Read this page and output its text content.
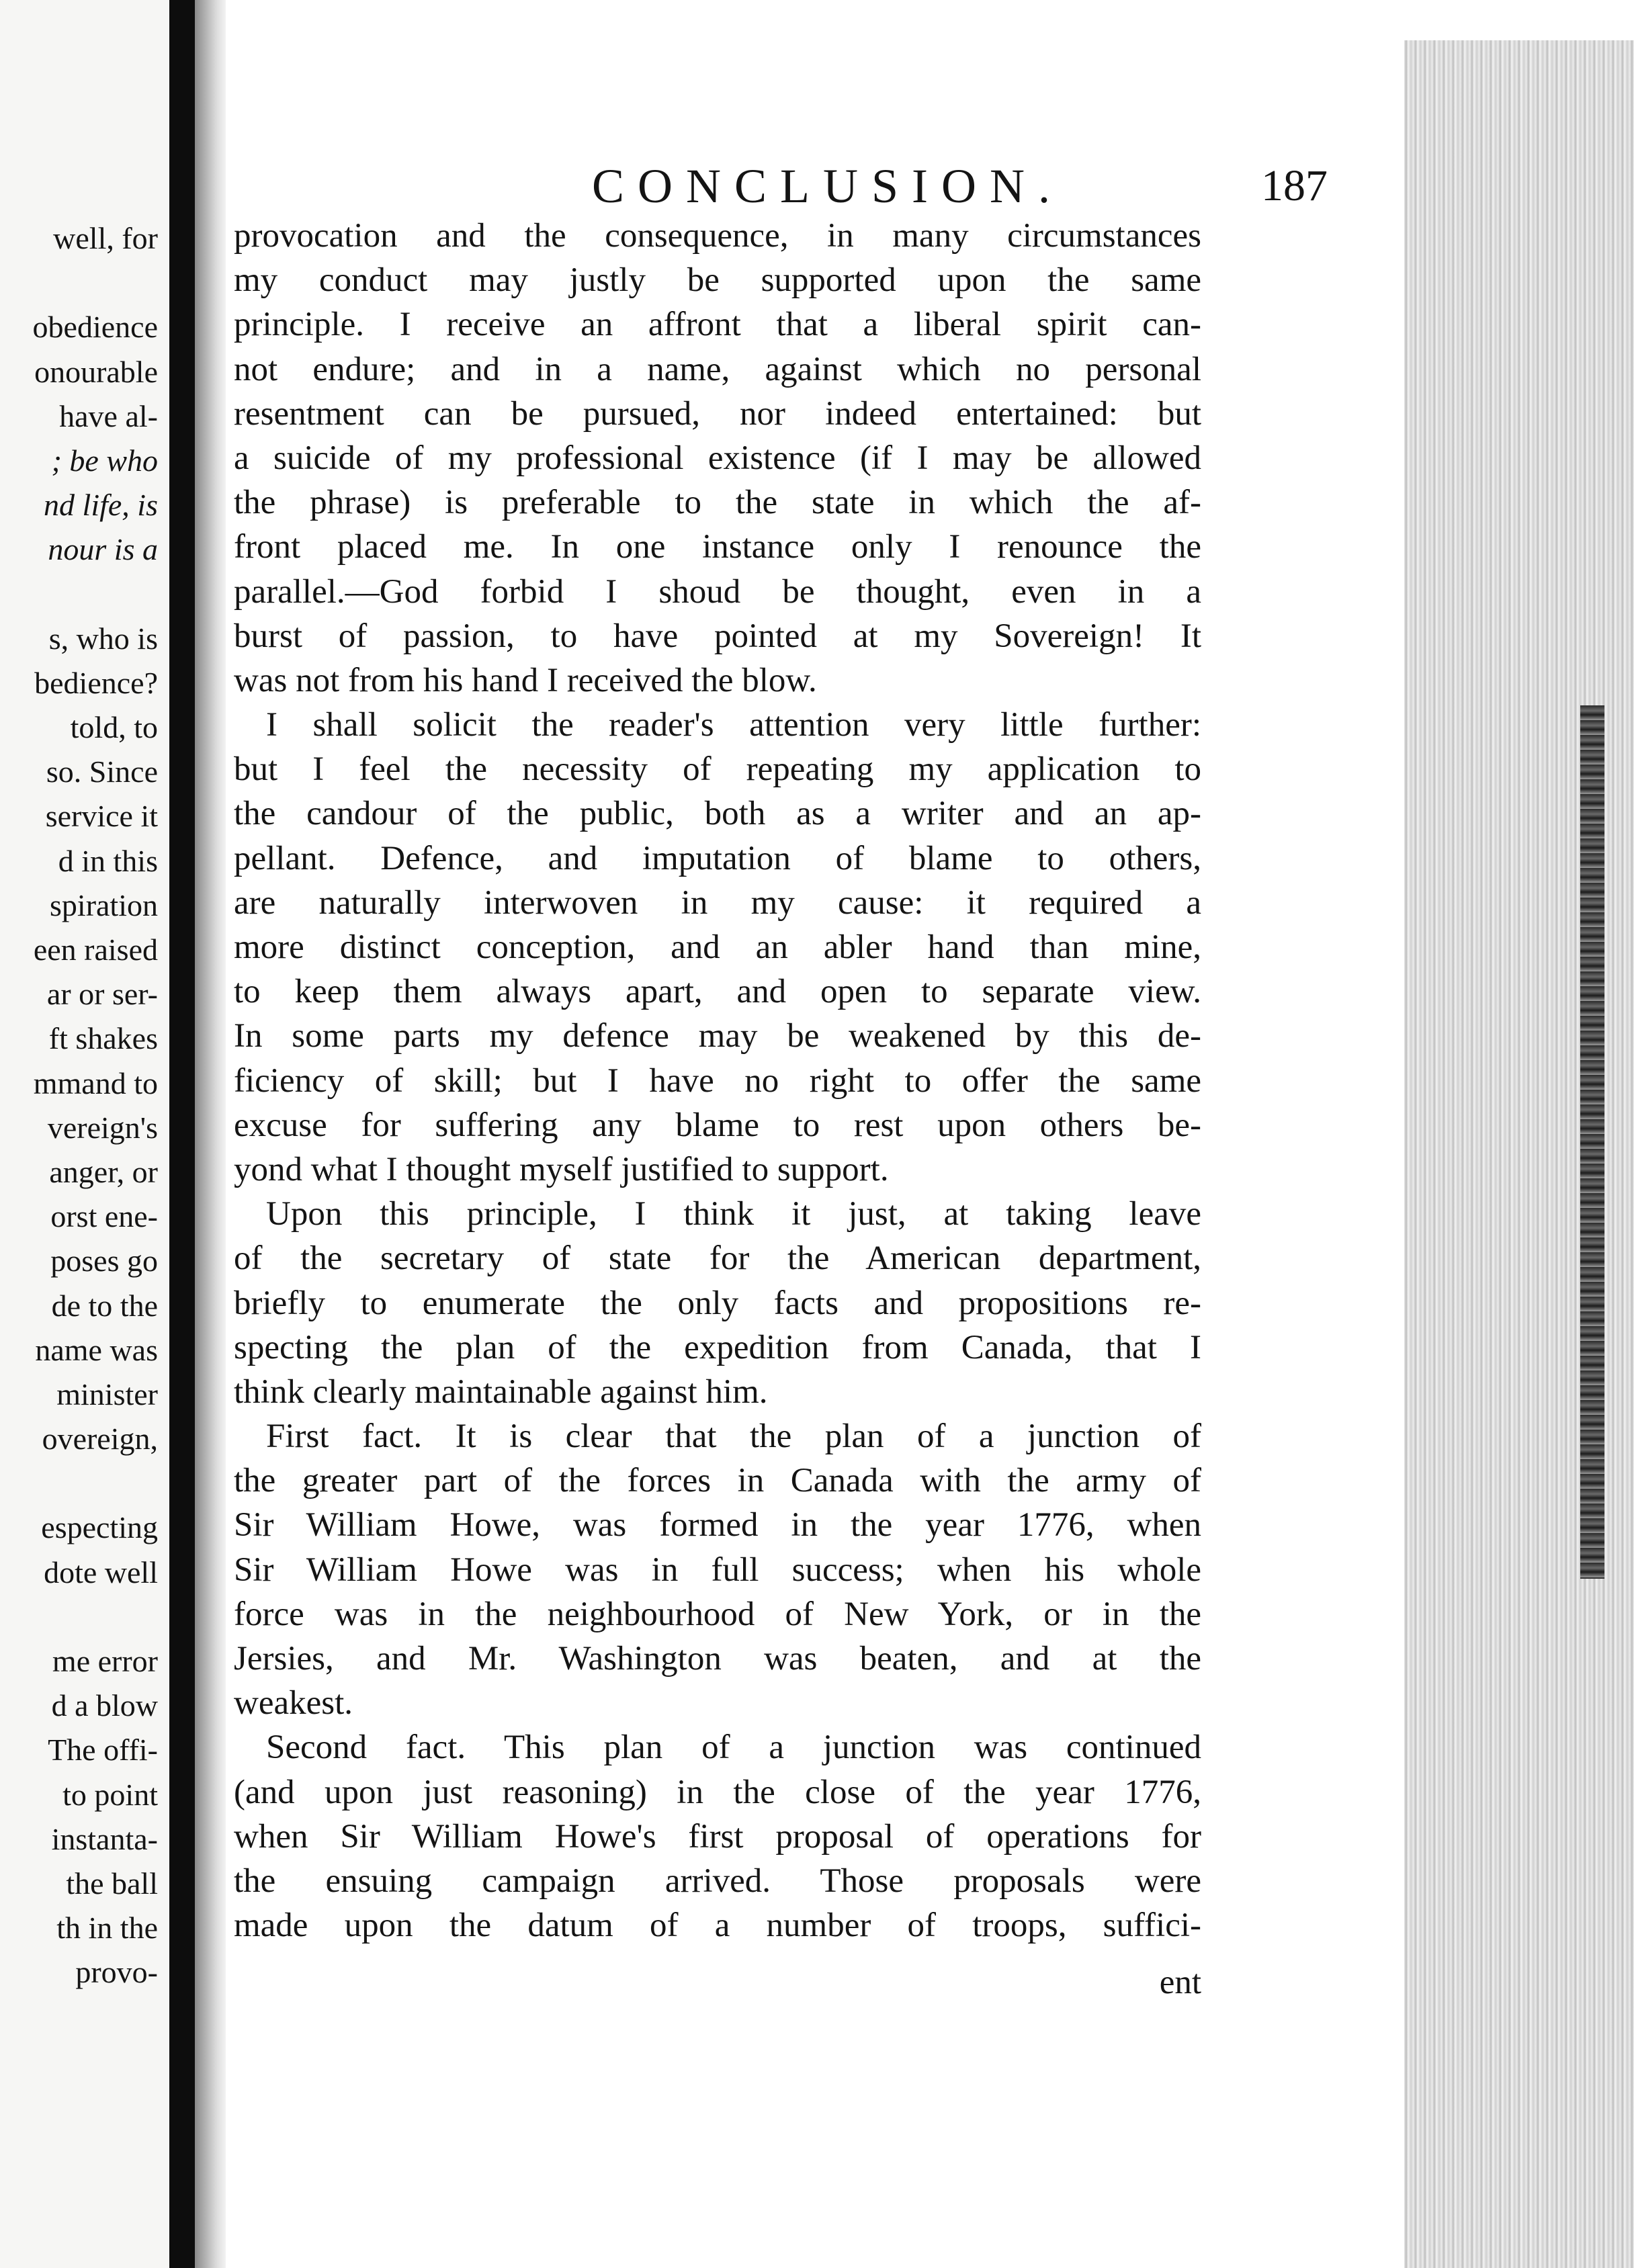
well, for
obedience
onourable
have al-
; be who
nd life, is
nour is a
s, who is
bedience?
told, to
so. Since
service it
d in this
spiration
een raised
ar or ser-
ft shakes
mmand to
vereign's
anger, or
orst ene-
poses go
de to the
name was
minister
overeign,
especting
dote well
me error
d a blow
The offi-
to point
instanta-
the ball
th in the
provo-
CONCLUSION.	187
provocation and the consequence, in many circumstances
my conduct may justly be supported upon the same
principle. I receive an affront that a liberal spirit can-
not endure; and in a name, against which no personal
resentment can be pursued, nor indeed entertained: but
a suicide of my professional existence (if I may be allowed
the phrase) is preferable to the state in which the af-
front placed me. In one instance only I renounce the
parallel.—God forbid I shoud be thought, even in a
burst of passion, to have pointed at my Sovereign! It
was not from his hand I received the blow.
I shall solicit the reader's attention very little further:
but I feel the necessity of repeating my application to
the candour of the public, both as a writer and an ap-
pellant. Defence, and imputation of blame to others,
are naturally interwoven in my cause: it required a
more distinct conception, and an abler hand than mine,
to keep them always apart, and open to separate view.
In some parts my defence may be weakened by this de-
ficiency of skill; but I have no right to offer the same
excuse for suffering any blame to rest upon others be-
yond what I thought myself justified to support.
Upon this principle, I think it just, at taking leave
of the secretary of state for the American department,
briefly to enumerate the only facts and propositions re-
specting the plan of the expedition from Canada, that I
think clearly maintainable against him.
First fact. It is clear that the plan of a junction of
the greater part of the forces in Canada with the army of
Sir William Howe, was formed in the year 1776, when
Sir William Howe was in full success; when his whole
force was in the neighbourhood of New York, or in the
Jersies, and Mr. Washington was beaten, and at the
weakest.
Second fact. This plan of a junction was continued
(and upon just reasoning) in the close of the year 1776,
when Sir William Howe's first proposal of operations for
the ensuing campaign arrived. Those proposals were
made upon the datum of a number of troops, suffici-
ent
